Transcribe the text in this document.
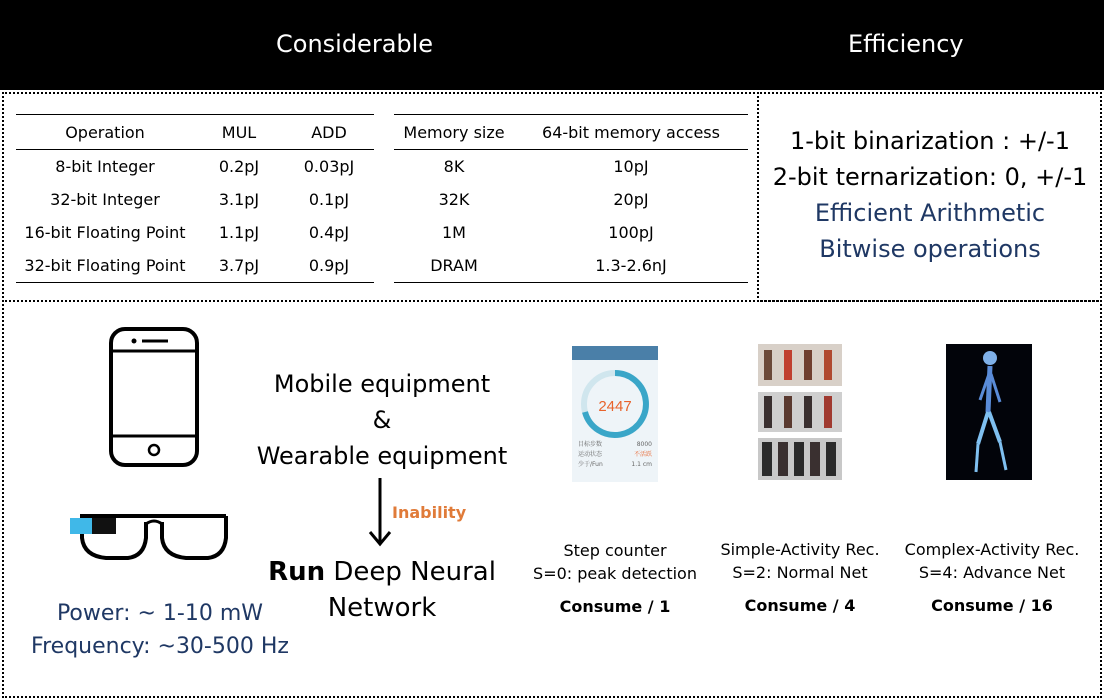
Considerable	Efficiency
Operation	MUL	ADD
8-bit Integer	0.2pJ	0.03pJ
32-bit Integer	3.1pJ	0.1pJ
16-bit Floating Point	1.1pJ	0.4pJ
32-bit Floating Point	3.7pJ	0.9pJ
Memory size	64-bit memory access
8K	10pJ
32K	20pJ
1M	100pJ
DRAM	1.3-2.6nJ
1-bit binarization : +/-1
2-bit ternarization: 0, +/-1
Efficient Arithmetic
Bitwise operations
Power: ~ 1-10 mW
Frequency: ~30-500 Hz
Mobile equipment
&
Wearable equipment
Inability
Run Deep Neural
Network
2447
目标步数	8000
运动状态	不活跃
少于/Fun	1.1 cm
Step counter
S=0: peak detection
Consume / 1
Simple-Activity Rec.
S=2: Normal Net
Consume / 4
Complex-Activity Rec.
S=4: Advance Net
Consume / 16
